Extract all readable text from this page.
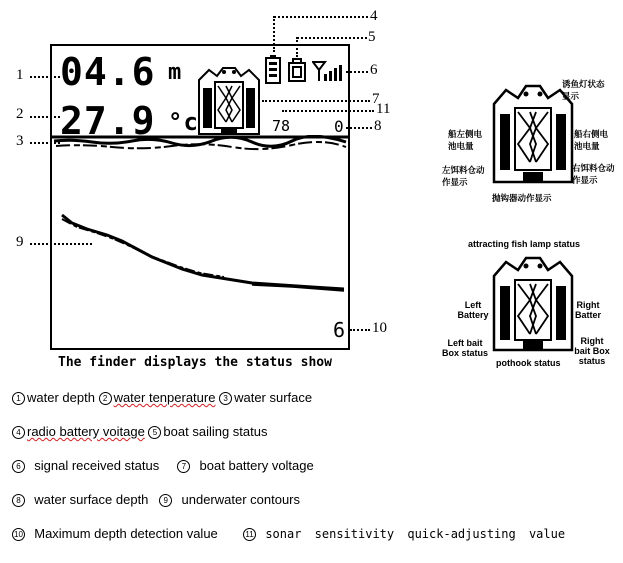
04.6 m
27.9 °c	78	0
6
The finder displays the status show
1
2
3
9
4
5
6
7
11
8
10
诱鱼灯状态显示
船左侧电池电量
船右侧电池电量
左饵料仓动作显示
右饵料仓动作显示
抛钩器动作显示
attracting fish lamp status
Left Battery
Right Batter
Left bait Box status
Right bait Box status
pothook status
1 water depth 2 water tenperature 3 water surface
4 radio battery voitage 5 boat sailing status
6 signal received status	7 boat battery voltage
8 water surface depth 9 underwater contours
10 Maximum depth detection value	11 sonar sensitivity quick-adjusting value
